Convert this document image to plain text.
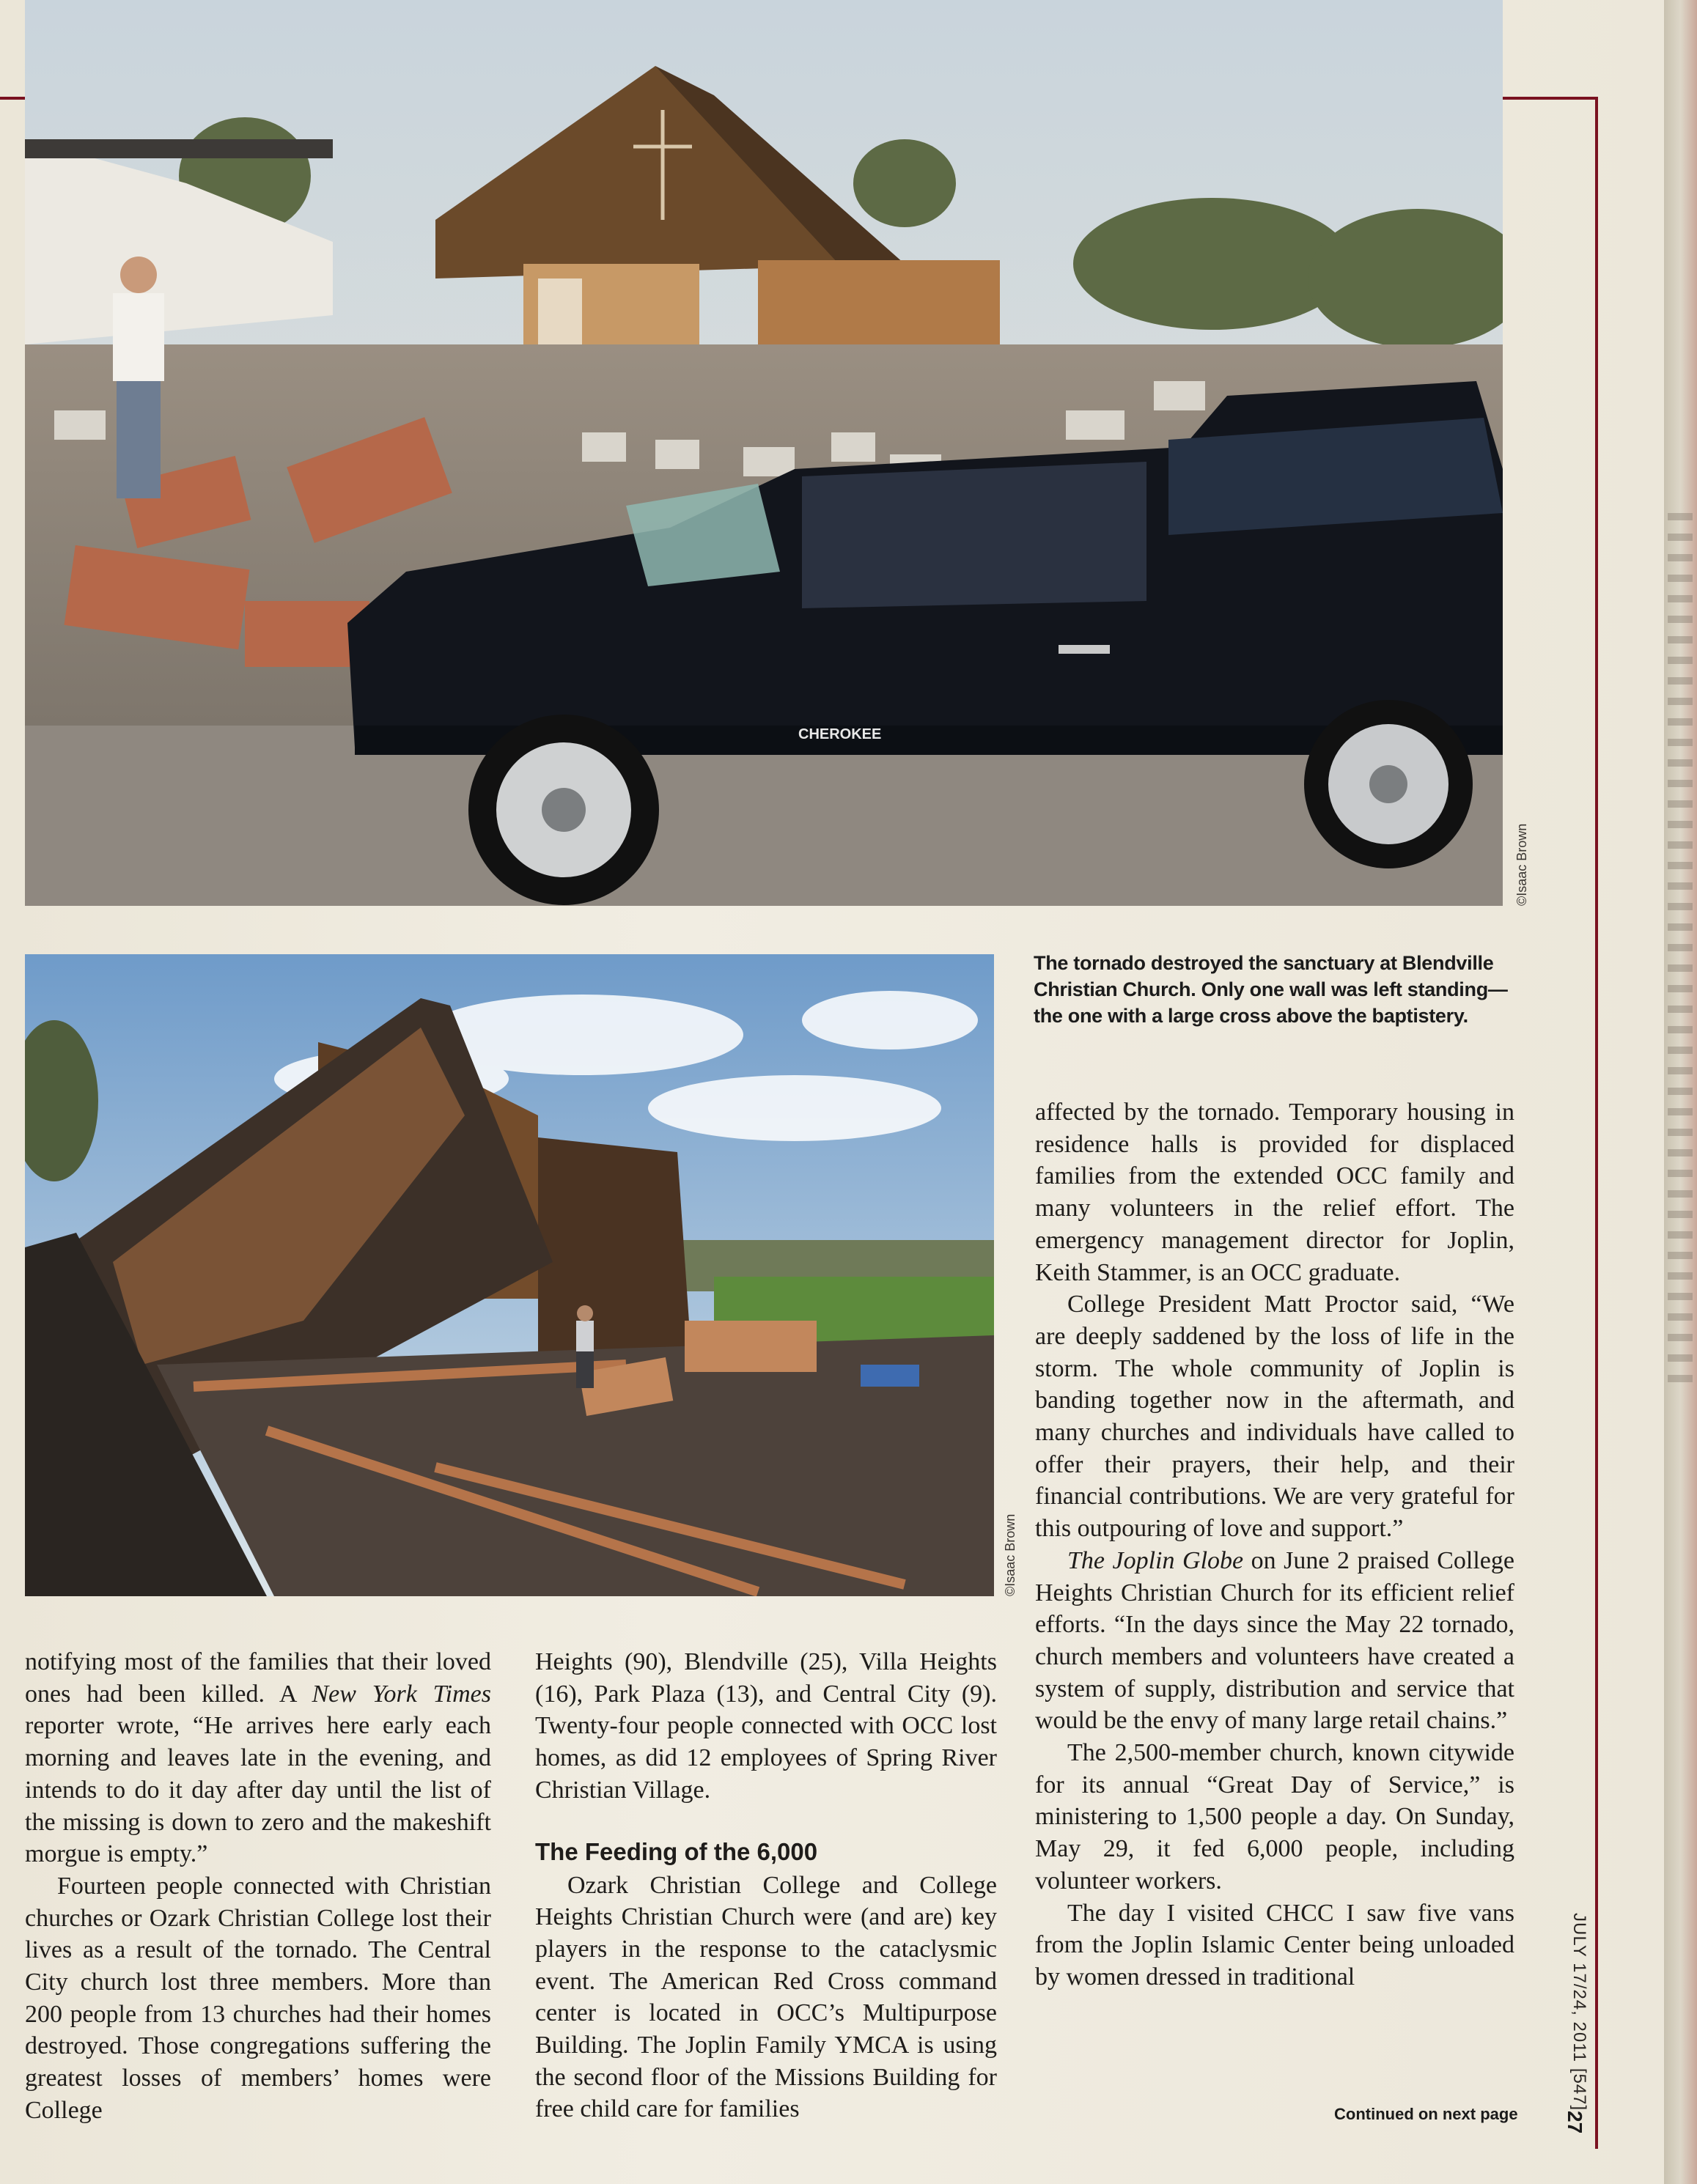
CHEROKEE
©Isaac Brown
©Isaac Brown
The tornado destroyed the sanctuary at Blendville Christian Church. Only one wall was left standing—the one with a large cross above the baptistery.

notifying most of the families that their loved ones had been killed. A New York Times reporter wrote, “He arrives here early each morning and leaves late in the evening, and intends to do it day after day until the list of the missing is down to zero and the makeshift morgue is empty.”

Fourteen people connected with Christian churches or Ozark Christian College lost their lives as a result of the tornado. The Central City church lost three members. More than 200 people from 13 churches had their homes destroyed. Those congregations suffering the greatest losses of members’ homes were College

Heights (90), Blendville (25), Villa Heights (16), Park Plaza (13), and Central City (9). Twenty-four people connected with OCC lost homes, as did 12 employees of Spring River Christian Village.

The Feeding of the 6,000

Ozark Christian College and College Heights Christian Church were (and are) key players in the response to the cataclysmic event. The American Red Cross command center is located in OCC’s Multipurpose Building. The Joplin Family YMCA is using the second floor of the Missions Building for free child care for families

affected by the tornado. Temporary housing in residence halls is provided for displaced families from the extended OCC family and many volunteers in the relief effort. The emergency management director for Joplin, Keith Stammer, is an OCC graduate.

College President Matt Proctor said, “We are deeply saddened by the loss of life in the storm. The whole community of Joplin is banding together now in the aftermath, and many churches and individuals have called to offer their prayers, their help, and their financial contributions. We are very grateful for this outpouring of love and support.”

The Joplin Globe on June 2 praised College Heights Christian Church for its efficient relief efforts. “In the days since the May 22 tornado, church members and volunteers have created a system of supply, distribution and service that would be the envy of many large retail chains.”

The 2,500-member church, known citywide for its annual “Great Day of Service,” is ministering to 1,500 people a day. On Sunday, May 29, it fed 6,000 people, including volunteer workers.

The day I visited CHCC I saw five vans from the Joplin Islamic Center being unloaded by women dressed in traditional

Continued on next page
JULY 17/24, 2011 [547]
27
